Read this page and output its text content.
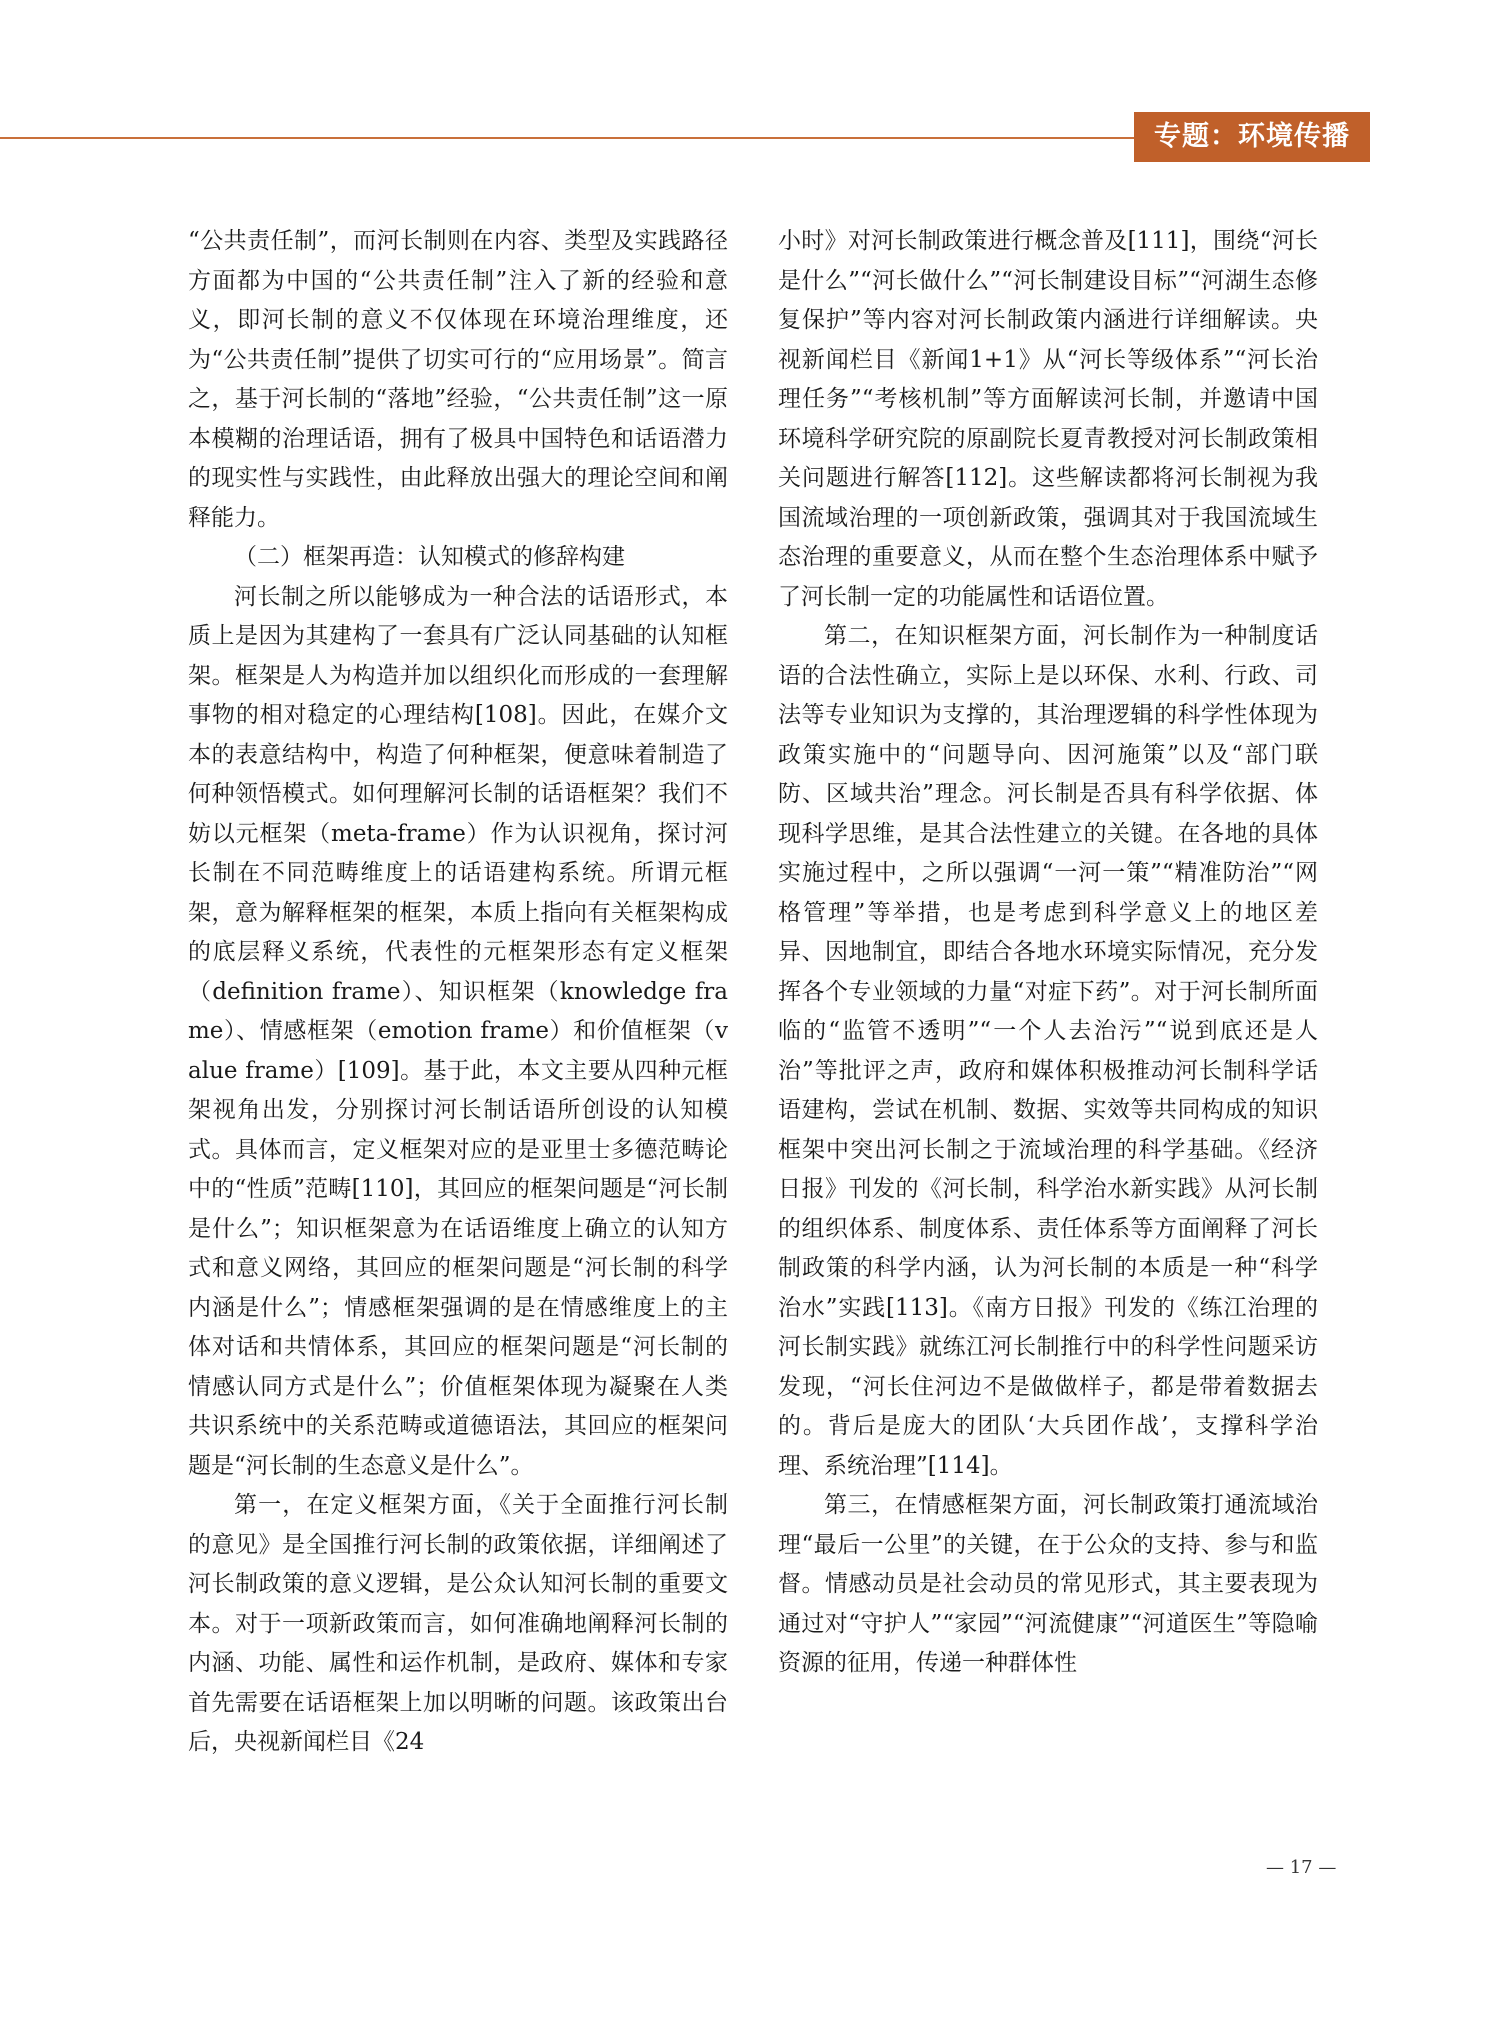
专题：环境传播

“公共责任制”，而河长制则在内容、类型及实践路径方面都为中国的“公共责任制”注入了新的经验和意义，即河长制的意义不仅体现在环境治理维度，还为“公共责任制”提供了切实可行的“应用场景”。简言之，基于河长制的“落地”经验，“公共责任制”这一原本模糊的治理话语，拥有了极具中国特色和话语潜力的现实性与实践性，由此释放出强大的理论空间和阐释能力。

（二）框架再造：认知模式的修辞构建

河长制之所以能够成为一种合法的话语形式，本质上是因为其建构了一套具有广泛认同基础的认知框架。框架是人为构造并加以组织化而形成的一套理解事物的相对稳定的心理结构[108]。因此，在媒介文本的表意结构中，构造了何种框架，便意味着制造了何种领悟模式。如何理解河长制的话语框架？我们不妨以元框架（meta-frame）作为认识视角，探讨河长制在不同范畴维度上的话语建构系统。所谓元框架，意为解释框架的框架，本质上指向有关框架构成的底层释义系统，代表性的元框架形态有定义框架（definition frame）、知识框架（knowledge frame）、情感框架（emotion frame）和价值框架（value frame）[109]。基于此，本文主要从四种元框架视角出发，分别探讨河长制话语所创设的认知模式。具体而言，定义框架对应的是亚里士多德范畴论中的“性质”范畴[110]，其回应的框架问题是“河长制是什么”；知识框架意为在话语维度上确立的认知方式和意义网络，其回应的框架问题是“河长制的科学内涵是什么”；情感框架强调的是在情感维度上的主体对话和共情体系，其回应的框架问题是“河长制的情感认同方式是什么”；价值框架体现为凝聚在人类共识系统中的关系范畴或道德语法，其回应的框架问题是“河长制的生态意义是什么”。

第一，在定义框架方面，《关于全面推行河长制的意见》是全国推行河长制的政策依据，详细阐述了河长制政策的意义逻辑，是公众认知河长制的重要文本。对于一项新政策而言，如何准确地阐释河长制的内涵、功能、属性和运作机制，是政府、媒体和专家首先需要在话语框架上加以明晰的问题。该政策出台后，央视新闻栏目《24

小时》对河长制政策进行概念普及[111]，围绕“河长是什么”“河长做什么”“河长制建设目标”“河湖生态修复保护”等内容对河长制政策内涵进行详细解读。央视新闻栏目《新闻1+1》从“河长等级体系”“河长治理任务”“考核机制”等方面解读河长制，并邀请中国环境科学研究院的原副院长夏青教授对河长制政策相关问题进行解答[112]。这些解读都将河长制视为我国流域治理的一项创新政策，强调其对于我国流域生态治理的重要意义，从而在整个生态治理体系中赋予了河长制一定的功能属性和话语位置。

第二，在知识框架方面，河长制作为一种制度话语的合法性确立，实际上是以环保、水利、行政、司法等专业知识为支撑的，其治理逻辑的科学性体现为政策实施中的“问题导向、因河施策”以及“部门联防、区域共治”理念。河长制是否具有科学依据、体现科学思维，是其合法性建立的关键。在各地的具体实施过程中，之所以强调“一河一策”“精准防治”“网格管理”等举措，也是考虑到科学意义上的地区差异、因地制宜，即结合各地水环境实际情况，充分发挥各个专业领域的力量“对症下药”。对于河长制所面临的“监管不透明”“一个人去治污”“说到底还是人治”等批评之声，政府和媒体积极推动河长制科学话语建构，尝试在机制、数据、实效等共同构成的知识框架中突出河长制之于流域治理的科学基础。《经济日报》刊发的《河长制，科学治水新实践》从河长制的组织体系、制度体系、责任体系等方面阐释了河长制政策的科学内涵，认为河长制的本质是一种“科学治水”实践[113]。《南方日报》刊发的《练江治理的河长制实践》就练江河长制推行中的科学性问题采访发现，“河长住河边不是做做样子，都是带着数据去的。背后是庞大的团队‘大兵团作战’，支撑科学治理、系统治理”[114]。

第三，在情感框架方面，河长制政策打通流域治理“最后一公里”的关键，在于公众的支持、参与和监督。情感动员是社会动员的常见形式，其主要表现为通过对“守护人”“家园”“河流健康”“河道医生”等隐喻资源的征用，传递一种群体性

— 17 —
